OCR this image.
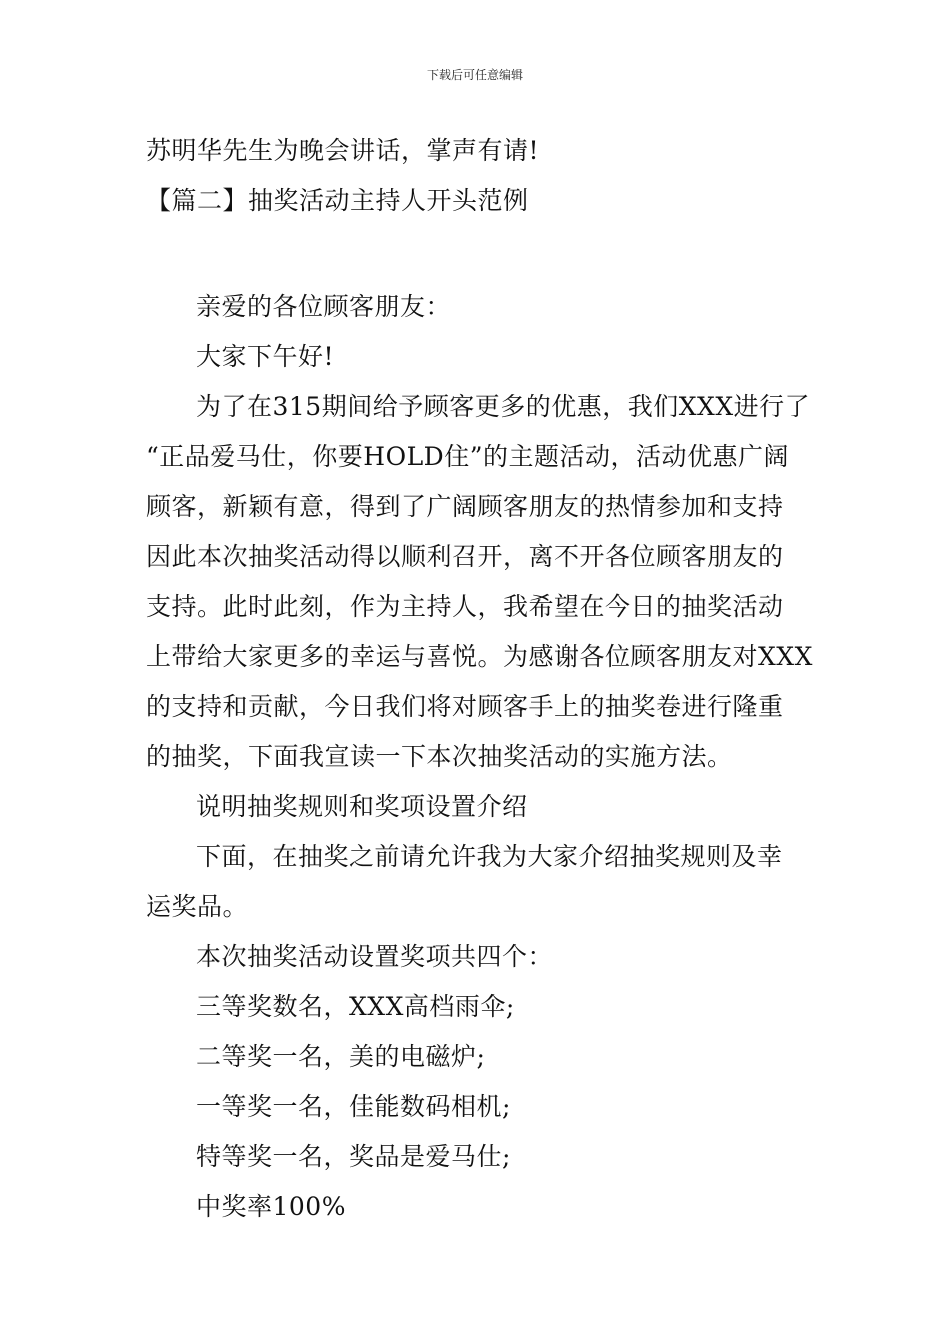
下载后可任意编辑
苏明华先生为晚会讲话，掌声有请!
【篇二】抽奖活动主持人开头范例
亲爱的各位顾客朋友：
大家下午好!
为了在315期间给予顾客更多的优惠，我们XXX进行了
“正品爱马仕，你要HOLD住”的主题活动，活动优惠广阔
顾客，新颖有意，得到了广阔顾客朋友的热情参加和支持
因此本次抽奖活动得以顺利召开，离不开各位顾客朋友的
支持。此时此刻，作为主持人，我希望在今日的抽奖活动
上带给大家更多的幸运与喜悦。为感谢各位顾客朋友对XXX
的支持和贡献，今日我们将对顾客手上的抽奖卷进行隆重
的抽奖，下面我宣读一下本次抽奖活动的实施方法。
说明抽奖规则和奖项设置介绍
下面，在抽奖之前请允许我为大家介绍抽奖规则及幸
运奖品。
本次抽奖活动设置奖项共四个：
三等奖数名，XXX高档雨伞;
二等奖一名，美的电磁炉;
一等奖一名，佳能数码相机;
特等奖一名，奖品是爱马仕;
中奖率100%
